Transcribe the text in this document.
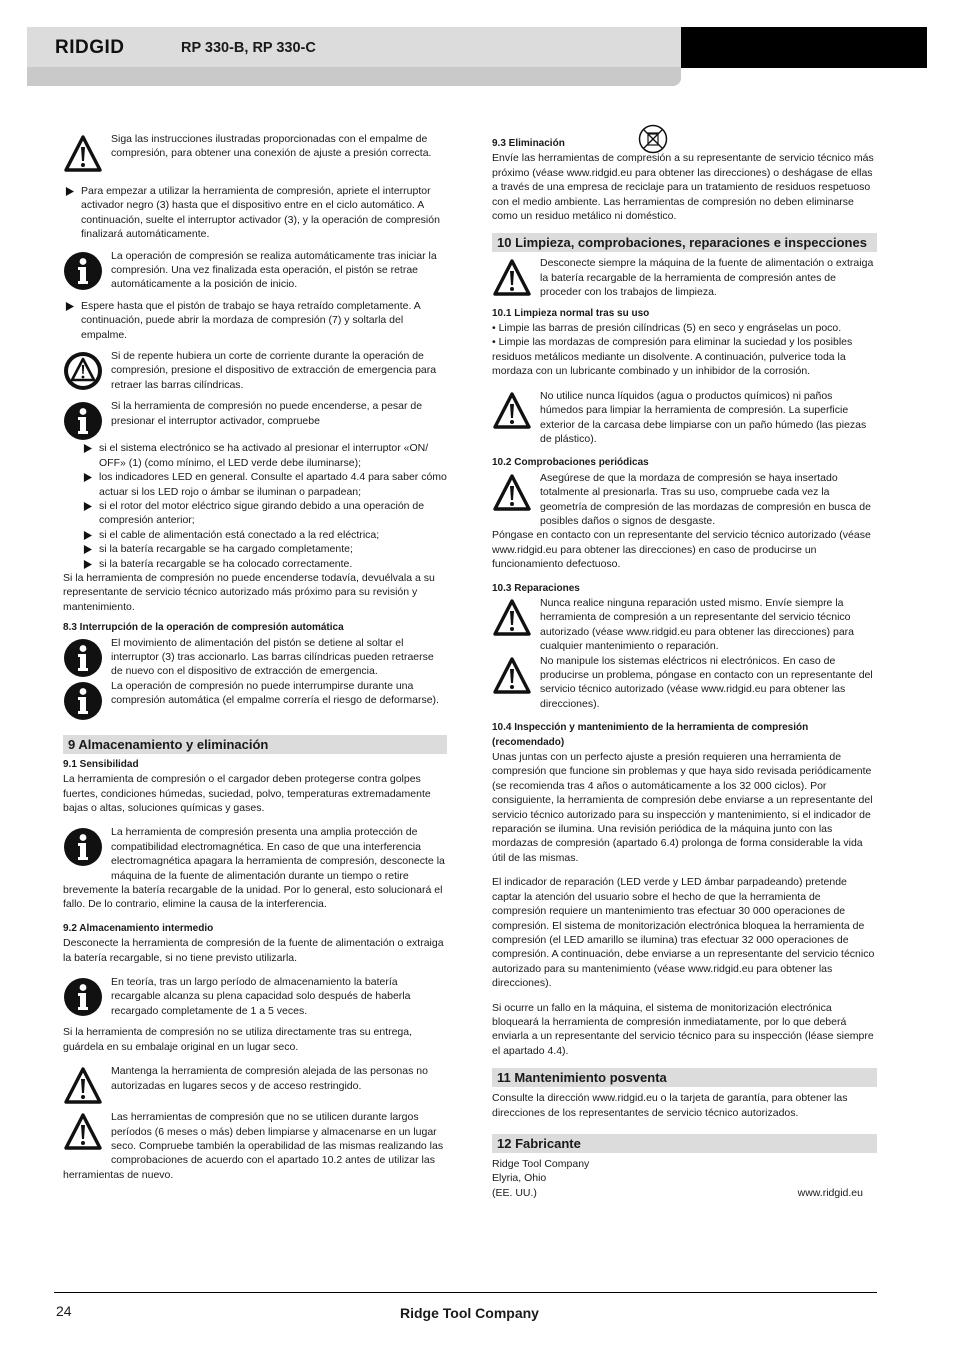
RIDGID	RP 330-B, RP 330-C

Siga las instrucciones ilustradas proporcionadas con el empalme de compresión, para obtener una conexión de ajuste a presión correcta.

Para empezar a utilizar la herramienta de compresión, apriete el interruptor activador negro (3) hasta que el dispositivo entre en el ciclo automático. A continuación, suelte el interruptor activador (3), y la operación de compresión finalizará automáticamente.

La operación de compresión se realiza automáticamente tras iniciar la compresión. Una vez finalizada esta operación, el pistón se retrae automáticamente a la posición de inicio.

Espere hasta que el pistón de trabajo se haya retraído completamente. A continuación, puede abrir la mordaza de compresión (7) y soltarla del empalme.

Si de repente hubiera un corte de corriente durante la operación de compresión, presione el dispositivo de extracción de emergencia para retraer las barras cilíndricas.

Si la herramienta de compresión no puede encenderse, a pesar de presionar el interruptor activador, compruebe

si el sistema electrónico se ha activado al presionar el interruptor «ON/ OFF» (1) (como mínimo, el LED verde debe iluminarse);

los indicadores LED en general. Consulte el apartado 4.4 para saber cómo actuar si los LED rojo o ámbar se iluminan o parpadean;

si el rotor del motor eléctrico sigue girando debido a una operación de compresión anterior;

si el cable de alimentación está conectado a la red eléctrica;

si la batería recargable se ha cargado completamente;

si la batería recargable se ha colocado correctamente.

Si la herramienta de compresión no puede encenderse todavía, devuélvala a su representante de servicio técnico autorizado más próximo para su revisión y mantenimiento.

8.3 Interrupción de la operación de compresión automática

El movimiento de alimentación del pistón se detiene al soltar el interruptor (3) tras accionarlo. Las barras cilíndricas pueden retraerse de nuevo con el dispositivo de extracción de emergencia.

La operación de compresión no puede interrumpirse durante una compresión automática (el empalme correría el riesgo de deformarse).

9 Almacenamiento y eliminación

9.1 Sensibilidad

La herramienta de compresión o el cargador deben protegerse contra golpes fuertes, condiciones húmedas, suciedad, polvo, temperaturas extremadamente bajas o altas, soluciones químicas y gases.

La herramienta de compresión presenta una amplia protección de compatibilidad electromagnética. En caso de que una interferencia electromagnética apagara la herramienta de compresión, desconecte la máquina de la fuente de alimentación durante un tiempo o retire brevemente la batería recargable de la unidad. Por lo general, esto solucionará el fallo. De lo contrario, elimine la causa de la interferencia.

9.2 Almacenamiento intermedio

Desconecte la herramienta de compresión de la fuente de alimentación o extraiga la batería recargable, si no tiene previsto utilizarla.

En teoría, tras un largo período de almacenamiento la batería recargable alcanza su plena capacidad solo después de haberla recargado completamente de 1 a 5 veces.

Si la herramienta de compresión no se utiliza directamente tras su entrega, guárdela en su embalaje original en un lugar seco.

Mantenga la herramienta de compresión alejada de las personas no autorizadas en lugares secos y de acceso restringido.

Las herramientas de compresión que no se utilicen durante largos períodos (6 meses o más) deben limpiarse y almacenarse en un lugar seco. Compruebe también la operabilidad de las mismas realizando las comprobaciones de acuerdo con el apartado 10.2 antes de utilizar las herramientas de nuevo.

9.3 Eliminación

Envíe las herramientas de compresión a su representante de servicio técnico más próximo (véase www.ridgid.eu para obtener las direcciones) o deshágase de ellas a través de una empresa de reciclaje para un tratamiento de residuos respetuoso con el medio ambiente. Las herramientas de compresión no deben eliminarse como un residuo metálico ni doméstico.

10 Limpieza, comprobaciones, reparaciones e inspecciones

Desconecte siempre la máquina de la fuente de alimentación o extraiga la batería recargable de la herramienta de compresión antes de proceder con los trabajos de limpieza.

10.1 Limpieza normal tras su uso

• Limpie las barras de presión cilíndricas (5) en seco y engráselas un poco.

• Limpie las mordazas de compresión para eliminar la suciedad y los posibles residuos metálicos mediante un disolvente. A continuación, pulverice toda la mordaza con un lubricante combinado y un inhibidor de la corrosión.

No utilice nunca líquidos (agua o productos químicos) ni paños húmedos para limpiar la herramienta de compresión. La superficie exterior de la carcasa debe limpiarse con un paño húmedo (las piezas de plástico).

10.2 Comprobaciones periódicas

Asegúrese de que la mordaza de compresión se haya insertado totalmente al presionarla. Tras su uso, compruebe cada vez la geometría de compresión de las mordazas de compresión en busca de posibles daños o signos de desgaste.

Póngase en contacto con un representante del servicio técnico autorizado (véase www.ridgid.eu para obtener las direcciones) en caso de producirse un funcionamiento defectuoso.

10.3 Reparaciones

Nunca realice ninguna reparación usted mismo. Envíe siempre la herramienta de compresión a un representante del servicio técnico autorizado (véase www.ridgid.eu para obtener las direcciones) para cualquier mantenimiento o reparación.

No manipule los sistemas eléctricos ni electrónicos. En caso de producirse un problema, póngase en contacto con un representante del servicio técnico autorizado (véase www.ridgid.eu para obtener las direcciones).

10.4 Inspección y mantenimiento de la herramienta de compresión (recomendado)

Unas juntas con un perfecto ajuste a presión requieren una herramienta de compresión que funcione sin problemas y que haya sido revisada periódicamente (se recomienda tras 4 años o automáticamente a los 32 000 ciclos). Por consiguiente, la herramienta de compresión debe enviarse a un representante del servicio técnico autorizado para su inspección y mantenimiento, si el indicador de reparación se ilumina. Una revisión periódica de la máquina junto con las mordazas de compresión (apartado 6.4) prolonga de forma considerable la vida útil de las mismas.

El indicador de reparación (LED verde y LED ámbar parpadeando) pretende captar la atención del usuario sobre el hecho de que la herramienta de compresión requiere un mantenimiento tras efectuar 30 000 operaciones de compresión. El sistema de monitorización electrónica bloquea la herramienta de compresión (el LED amarillo se ilumina) tras efectuar 32 000 operaciones de compresión. A continuación, debe enviarse a un representante del servicio técnico autorizado para su mantenimiento (véase www.ridgid.eu para obtener las direcciones).

Si ocurre un fallo en la máquina, el sistema de monitorización electrónica bloqueará la herramienta de compresión inmediatamente, por lo que deberá enviarla a un representante del servicio técnico para su inspección (léase siempre el apartado 4.4).

11 Mantenimiento posventa

Consulte la dirección www.ridgid.eu o la tarjeta de garantía, para obtener las direcciones de los representantes de servicio técnico autorizados.

12 Fabricante

Ridge Tool Company

Elyria, Ohio

(EE. UU.)	www.ridgid.eu
24	Ridge Tool Company
